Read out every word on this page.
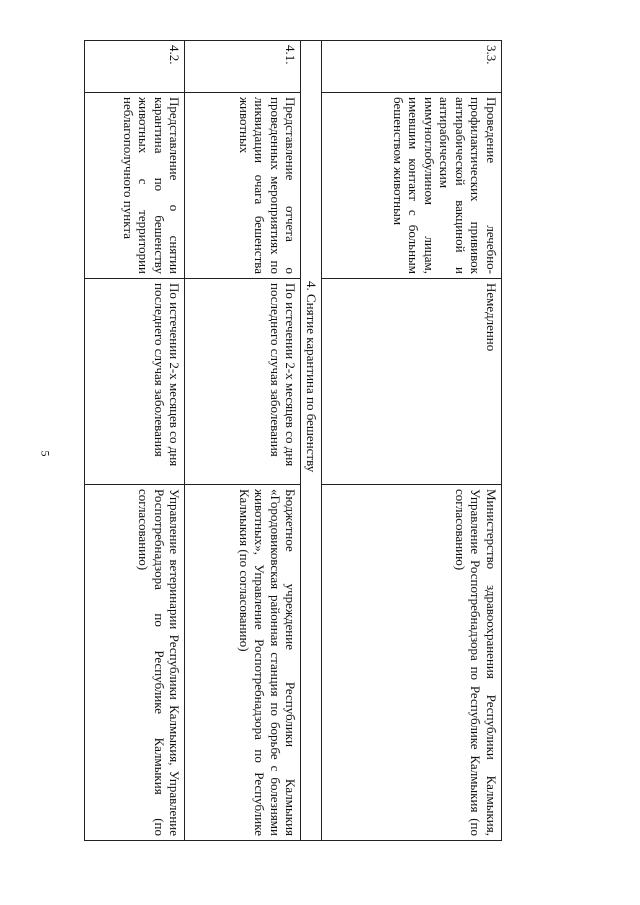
5
3.3.	Проведение лечебно-профилактических прививок антирабической вакциной и антирабическим иммуноглобулином лицам, имевшим контакт с больным бешенством животным	Немедленно	Министерство здравоохранения Республики Калмыкия, Управление Роспотребнадзора по Республике Калмыкия (по согласованию)
4. Снятие карантина по бешенству			
4.1.	Представление отчета о проведенных мероприятиях по ликвидации очага бешенства животных	По истечении 2-х месяцев со дня последнего случая заболевания	Бюджетное учреждение Республики Калмыкия «Городовиковская районная станция по борьбе с болезнями животных», Управление Роспотребнадзора по Республике Калмыкия (по согласованию)
4.2.	Представление о снятии карантина по бешенству животных с территории неблагополучного пункта	По истечении 2-х месяцев со дня последнего случая заболевания	Управление ветеринарии Республики Калмыкия, Управление Роспотребнадзора по Республике Калмыкия (по согласованию)
